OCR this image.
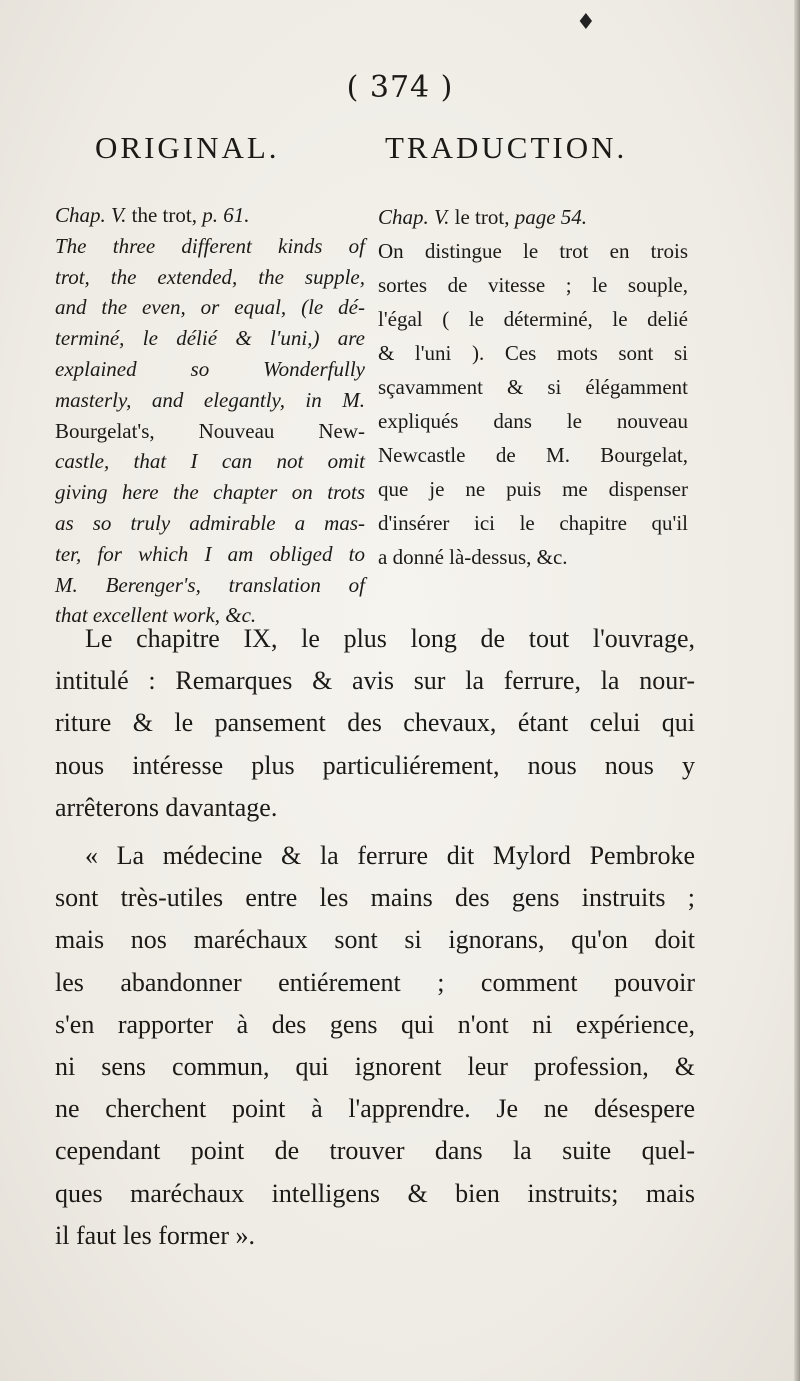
♦
( 374 )
ORIGINAL.	TRADUCTION.
Chap. V. the trot, p. 61.
The three different kinds of
trot, the extended, the supple,
and the even, or equal, (le dé-
terminé, le délié & l'uni,) are
explained so Wonderfully
masterly, and elegantly, in M.
Bourgelat's, Nouveau New-
castle, that I can not omit
giving here the chapter on trots
as so truly admirable a mas-
ter, for which I am obliged to
M. Berenger's, translation of
that excellent work, &c.
Chap. V. le trot, page 54.
On distingue le trot en trois
sortes de vitesse ; le souple,
l'égal ( le déterminé, le delié
& l'uni ). Ces mots sont si
sçavamment & si élégamment
expliqués dans le nouveau
Newcastle de M. Bourgelat,
que je ne puis me dispenser
d'insérer ici le chapitre qu'il
a donné là-dessus, &c.
Le chapitre IX, le plus long de tout l'ouvrage,
intitulé : Remarques & avis sur la ferrure, la nour-
riture & le pansement des chevaux, étant celui qui
nous intéresse plus particuliérement, nous nous y
arrêterons davantage.
« La médecine & la ferrure dit Mylord Pembroke
sont très-utiles entre les mains des gens instruits ;
mais nos maréchaux sont si ignorans, qu'on doit
les abandonner entiérement ; comment pouvoir
s'en rapporter à des gens qui n'ont ni expérience,
ni sens commun, qui ignorent leur profession, &
ne cherchent point à l'apprendre. Je ne désespere
cependant point de trouver dans la suite quel-
ques maréchaux intelligens & bien instruits; mais
il faut les former ».
